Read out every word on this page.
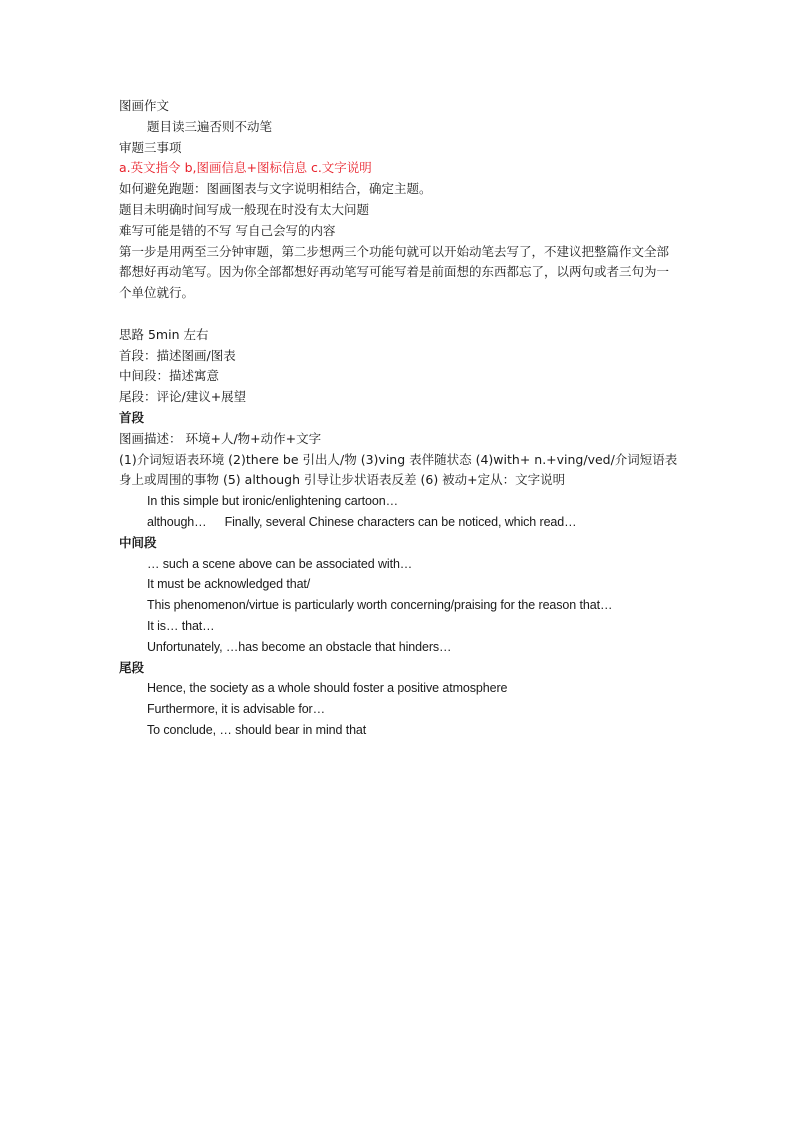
图画作文
题目读三遍否则不动笔
审题三事项
a.英文指令 b,图画信息+图标信息 c.文字说明
如何避免跑题：图画图表与文字说明相结合，确定主题。
题目未明确时间写成一般现在时没有太大问题
难写可能是错的不写 写自己会写的内容
第一步是用两至三分钟审题，第二步想两三个功能句就可以开始动笔去写了，不建议把整篇作文全部都想好再动笔写。因为你全部都想好再动笔写可能写着是前面想的东西都忘了，以两句或者三句为一个单位就行。
思路 5min 左右
首段：描述图画/图表
中间段：描述寓意
尾段：评论/建议+展望
首段
图画描述： 环境+人/物+动作+文字
(1)介词短语表环境 (2)there be 引出人/物 (3)ving 表伴随状态 (4)with+ n.+ving/ved/介词短语表身上或周围的事物 (5) although 引导让步状语表反差 (6) 被动+定从：文字说明
In this simple but ironic/enlightening cartoon…
although… Finally, several Chinese characters can be noticed, which read…
中间段
… such a scene above can be associated with…
It must be acknowledged that/
This phenomenon/virtue is particularly worth concerning/praising for the reason that…
It is… that…
Unfortunately, …has become an obstacle that hinders…
尾段
Hence, the society as a whole should foster a positive atmosphere
Furthermore, it is advisable for…
To conclude, … should bear in mind that
